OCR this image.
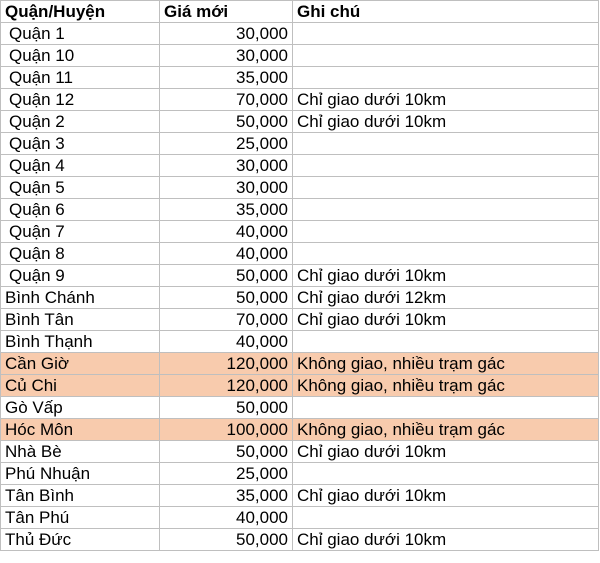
Quận/Huyện	Giá mới	Ghi chú
Quận 1	30,000	
Quận 10	30,000	
Quận 11	35,000	
Quận 12	70,000	Chỉ giao dưới 10km
Quận 2	50,000	Chỉ giao dưới 10km
Quận 3	25,000	
Quận 4	30,000	
Quận 5	30,000	
Quận 6	35,000	
Quận 7	40,000	
Quận 8	40,000	
Quận 9	50,000	Chỉ giao dưới 10km
Bình Chánh	50,000	Chỉ giao dưới 12km
Bình Tân	70,000	Chỉ giao dưới 10km
Bình Thạnh	40,000	
Cần Giờ	120,000	Không giao, nhiều trạm gác
Củ Chi	120,000	Không giao, nhiều trạm gác
Gò Vấp	50,000	
Hóc Môn	100,000	Không giao, nhiều trạm gác
Nhà Bè	50,000	Chỉ giao dưới 10km
Phú Nhuận	25,000	
Tân Bình	35,000	Chỉ giao dưới 10km
Tân Phú	40,000	
Thủ Đức	50,000	Chỉ giao dưới 10km
